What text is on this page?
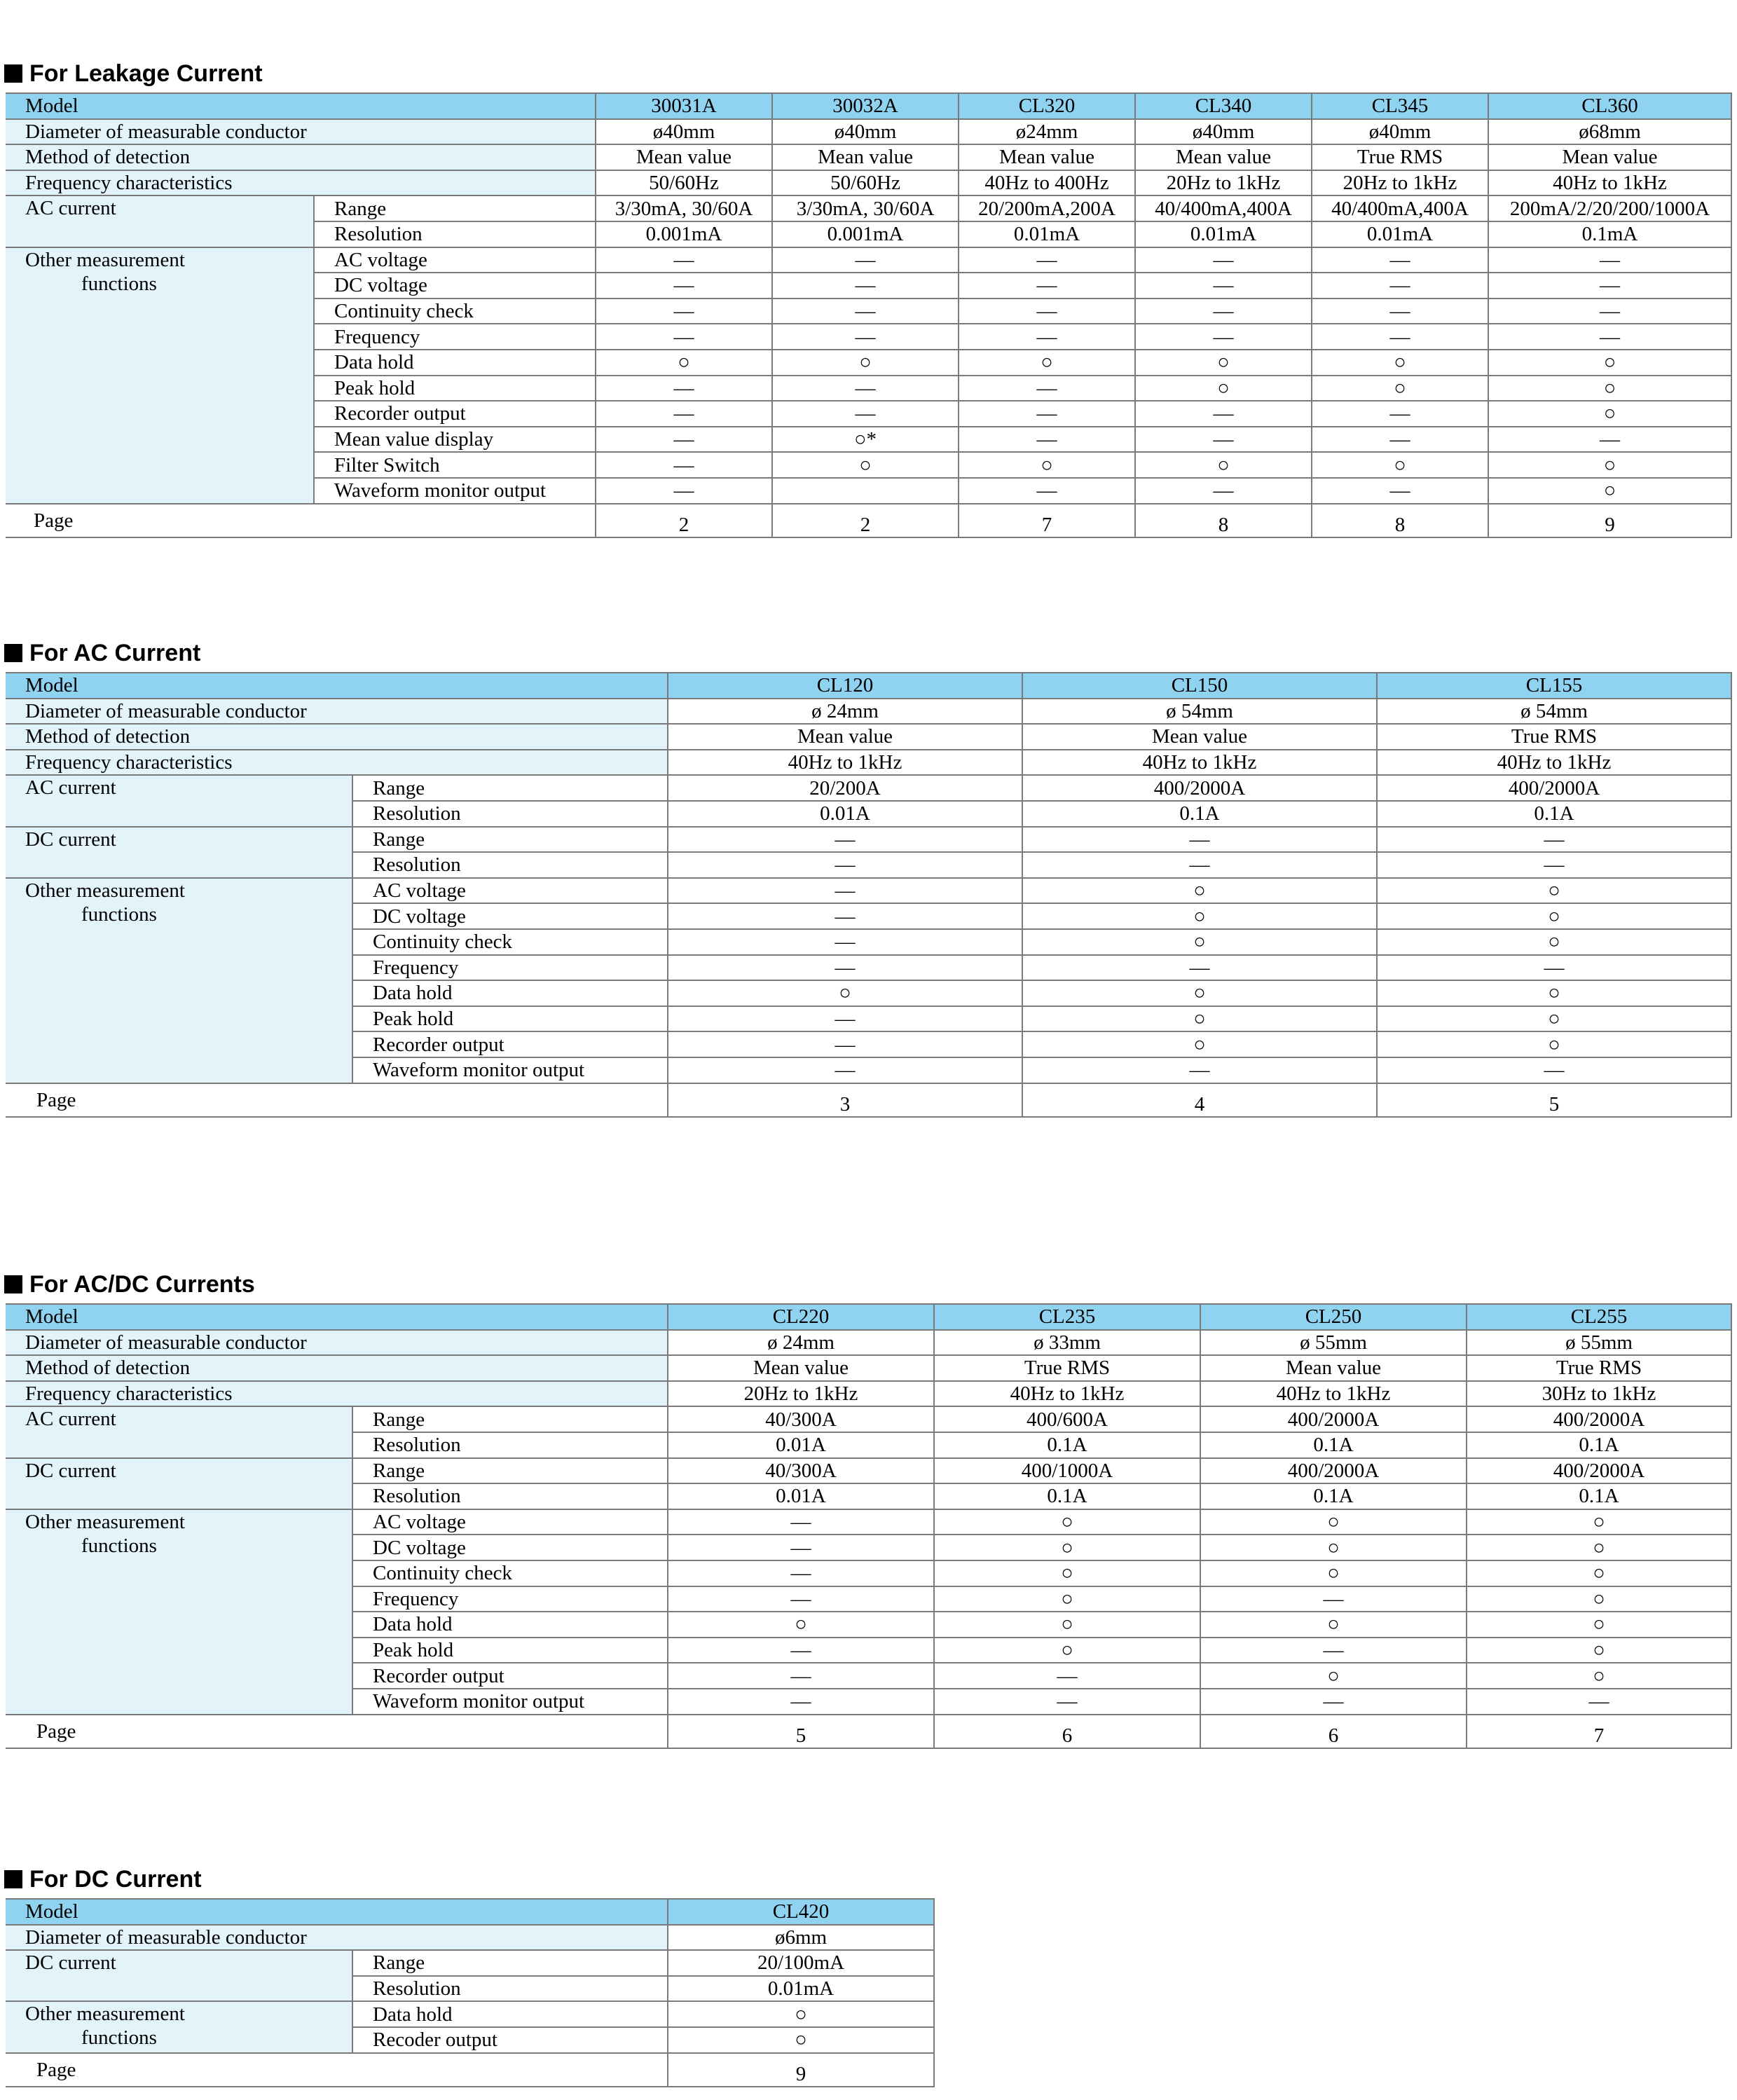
For Leakage Current
Model		30031A	30032A	CL320	CL340	CL345	CL360
Diameter of measurable conductor		ø40mm	ø40mm	ø24mm	ø40mm	ø40mm	ø68mm
Method of detection		Mean value	Mean value	Mean value	Mean value	True RMS	Mean value
Frequency characteristics		50/60Hz	50/60Hz	40Hz to 400Hz	20Hz to 1kHz	20Hz to 1kHz	40Hz to 1kHz
AC current	Range	3/30mA, 30/60A	3/30mA, 30/60A	20/200mA,200A	40/400mA,400A	40/400mA,400A	200mA/2/20/200/1000A
	Resolution	0.001mA	0.001mA	0.01mA	0.01mA	0.01mA	0.1mA
Other measurement
functions	AC voltage	—	—	—	—	—	—
	DC voltage	—	—	—	—	—	—
	Continuity check	—	—	—	—	—	—
	Frequency	—	—	—	—	—	—
	Data hold	○	○	○	○	○	○
	Peak hold	—	—	—	○	○	○
	Recorder output	—	—	—	—	—	○
	Mean value display	—	○*	—	—	—	—
	Filter Switch	—	○	○	○	○	○
	Waveform monitor output	—		—	—	—	○
Page		2	2	7	8	8	9
For AC Current
Model		CL120	CL150	CL155
Diameter of measurable conductor		ø 24mm	ø 54mm	ø 54mm
Method of detection		Mean value	Mean value	True RMS
Frequency characteristics		40Hz to 1kHz	40Hz to 1kHz	40Hz to 1kHz
AC current	Range	20/200A	400/2000A	400/2000A
	Resolution	0.01A	0.1A	0.1A
DC current	Range	—	—	—
	Resolution	—	—	—
Other measurement
functions	AC voltage	—	○	○
	DC voltage	—	○	○
	Continuity check	—	○	○
	Frequency	—	—	—
	Data hold	○	○	○
	Peak hold	—	○	○
	Recorder output	—	○	○
	Waveform monitor output	—	—	—
Page		3	4	5
For AC/DC Currents
Model		CL220	CL235	CL250	CL255
Diameter of measurable conductor		ø 24mm	ø 33mm	ø 55mm	ø 55mm
Method of detection		Mean value	True RMS	Mean value	True RMS
Frequency characteristics		20Hz to 1kHz	40Hz to 1kHz	40Hz to 1kHz	30Hz to 1kHz
AC current	Range	40/300A	400/600A	400/2000A	400/2000A
	Resolution	0.01A	0.1A	0.1A	0.1A
DC current	Range	40/300A	400/1000A	400/2000A	400/2000A
	Resolution	0.01A	0.1A	0.1A	0.1A
Other measurement
functions	AC voltage	—	○	○	○
	DC voltage	—	○	○	○
	Continuity check	—	○	○	○
	Frequency	—	○	—	○
	Data hold	○	○	○	○
	Peak hold	—	○	—	○
	Recorder output	—	—	○	○
	Waveform monitor output	—	—	—	—
Page		5	6	6	7
For DC Current
Model		CL420
Diameter of measurable conductor		ø6mm
DC current	Range	20/100mA
	Resolution	0.01mA
Other measurement
functions	Data hold	○
	Recoder output	○
Page		9
